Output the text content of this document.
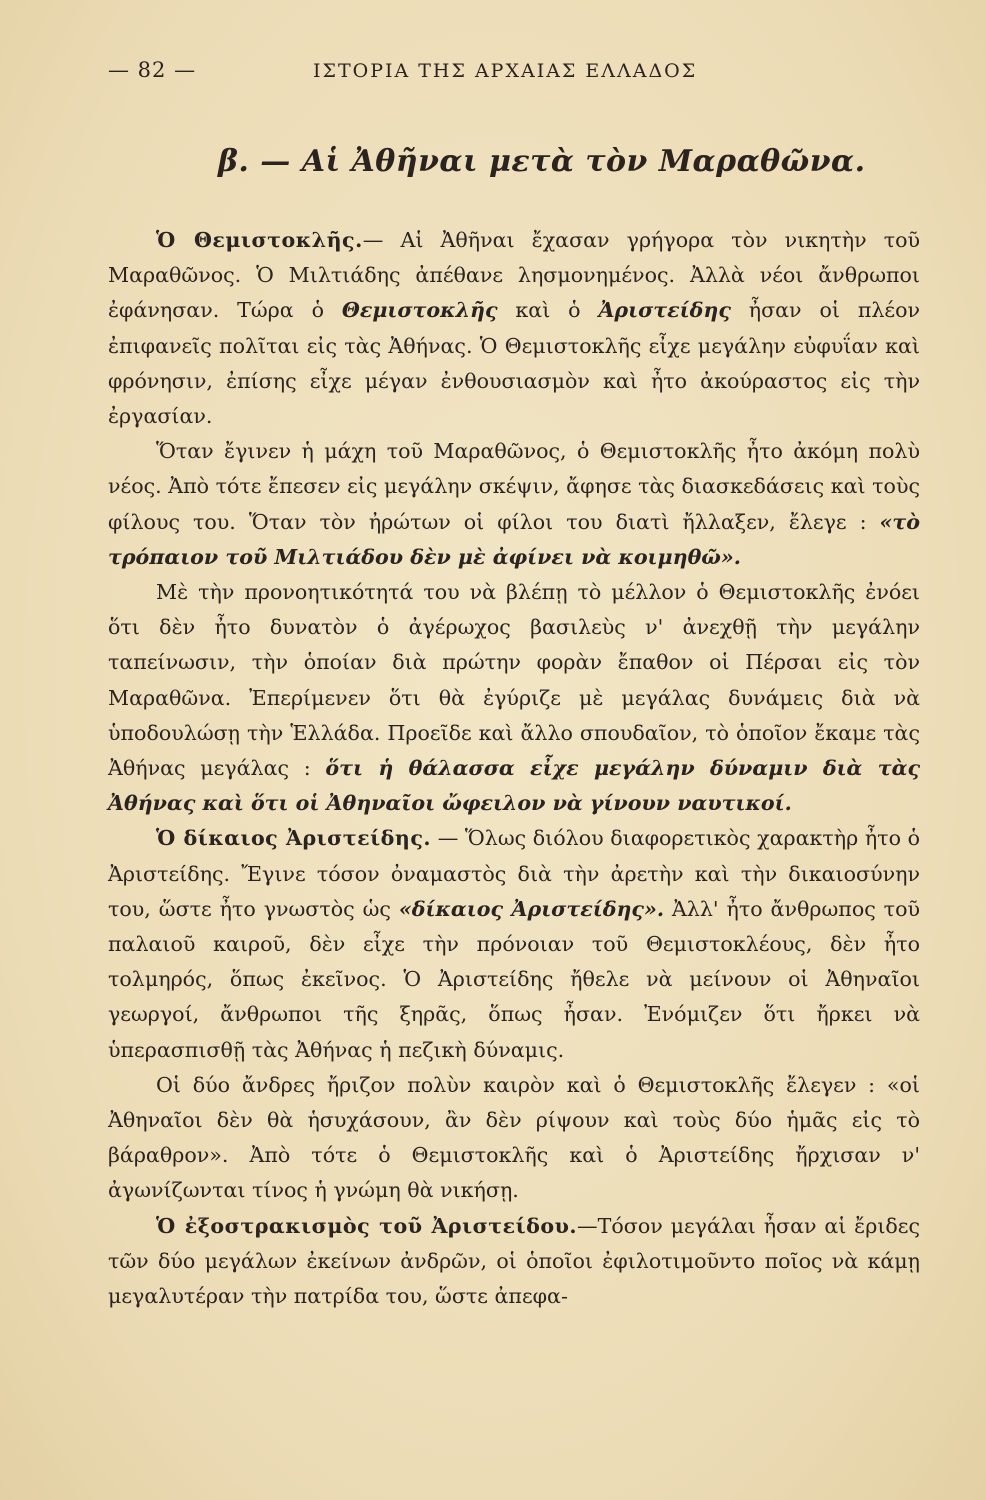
— 82 —	ΙΣΤΟΡΙΑ ΤΗΣ ΑΡΧΑΙΑΣ ΕΛΛΑΔΟΣ
β. — Αἱ Ἀθῆναι μετὰ τὸν Μαραθῶνα.

Ὁ Θεμιστοκλῆς.— Αἱ Ἀθῆναι ἔχασαν γρήγορα τὸν νικητὴν τοῦ Μαραθῶνος. Ὁ Μιλτιάδης ἀπέθανε λησμονημένος. Ἀλλὰ νέοι ἄνθρωποι ἐφάνησαν. Τώρα ὁ Θεμιστοκλῆς καὶ ὁ Ἀριστείδης ἦσαν οἱ πλέον ἐπιφανεῖς πολῖται εἰς τὰς Ἀθήνας. Ὁ Θεμιστοκλῆς εἶχε μεγάλην εὐφυΐαν καὶ φρόνησιν, ἐπίσης εἶχε μέγαν ἐνθουσιασμὸν καὶ ἦτο ἀκούραστος εἰς τὴν ἐργασίαν.

Ὅταν ἔγινεν ἡ μάχη τοῦ Μαραθῶνος, ὁ Θεμιστοκλῆς ἦτο ἀκόμη πολὺ νέος. Ἀπὸ τότε ἔπεσεν εἰς μεγάλην σκέψιν, ἄφησε τὰς διασκεδάσεις καὶ τοὺς φίλους του. Ὅταν τὸν ἠρώτων οἱ φίλοι του διατὶ ἤλλαξεν, ἔλεγε : «τὸ τρόπαιον τοῦ Μιλτιάδου δὲν μὲ ἀφίνει νὰ κοιμηθῶ».

Μὲ τὴν προνοητικότητά του νὰ βλέπῃ τὸ μέλλον ὁ Θεμιστοκλῆς ἐνόει ὅτι δὲν ἦτο δυνατὸν ὁ ἀγέρωχος βασιλεὺς ν' ἀνεχθῇ τὴν μεγάλην ταπείνωσιν, τὴν ὁποίαν διὰ πρώτην φορὰν ἔπαθον οἱ Πέρσαι εἰς τὸν Μαραθῶνα. Ἐπερίμενεν ὅτι θὰ ἐγύριζε μὲ μεγάλας δυνάμεις διὰ νὰ ὑποδουλώσῃ τὴν Ἑλλάδα. Προεῖδε καὶ ἄλλο σπουδαῖον, τὸ ὁποῖον ἔκαμε τὰς Ἀθήνας μεγάλας : ὅτι ἡ θάλασσα εἶχε μεγάλην δύναμιν διὰ τὰς Ἀθήνας καὶ ὅτι οἱ Ἀθηναῖοι ὤφειλον νὰ γίνουν ναυτικοί.

Ὁ δίκαιος Ἀριστείδης. — Ὅλως διόλου διαφορετικὸς χαρακτὴρ ἦτο ὁ Ἀριστείδης. Ἔγινε τόσον ὀναμαστὸς διὰ τὴν ἀρετὴν καὶ τὴν δικαιοσύνην του, ὥστε ἦτο γνωστὸς ὡς «δίκαιος Ἀριστείδης». Ἀλλ' ἦτο ἄνθρωπος τοῦ παλαιοῦ καιροῦ, δὲν εἶχε τὴν πρόνοιαν τοῦ Θεμιστοκλέους, δὲν ἦτο τολμηρός, ὅπως ἐκεῖνος. Ὁ Ἀριστείδης ἤθελε νὰ μείνουν οἱ Ἀθηναῖοι γεωργοί, ἄνθρωποι τῆς ξηρᾶς, ὅπως ἦσαν. Ἐνόμιζεν ὅτι ἤρκει νὰ ὑπερασπισθῇ τὰς Ἀθήνας ἡ πεζικὴ δύναμις.

Οἱ δύο ἄνδρες ἤριζον πολὺν καιρὸν καὶ ὁ Θεμιστοκλῆς ἔλεγεν : «οἱ Ἀθηναῖοι δὲν θὰ ἡσυχάσουν, ἂν δὲν ρίψουν καὶ τοὺς δύο ἡμᾶς εἰς τὸ βάραθρον». Ἀπὸ τότε ὁ Θεμιστοκλῆς καὶ ὁ Ἀριστείδης ἤρχισαν ν' ἀγωνίζωνται τίνος ἡ γνώμη θὰ νικήσῃ.

Ὁ ἐξοστρακισμὸς τοῦ Ἀριστείδου.—Τόσον μεγάλαι ἦσαν αἱ ἔριδες τῶν δύο μεγάλων ἐκείνων ἀνδρῶν, οἱ ὁποῖοι ἐφιλοτιμοῦντο ποῖος νὰ κάμῃ μεγαλυτέραν τὴν πατρίδα του, ὥστε ἀπεφα-
